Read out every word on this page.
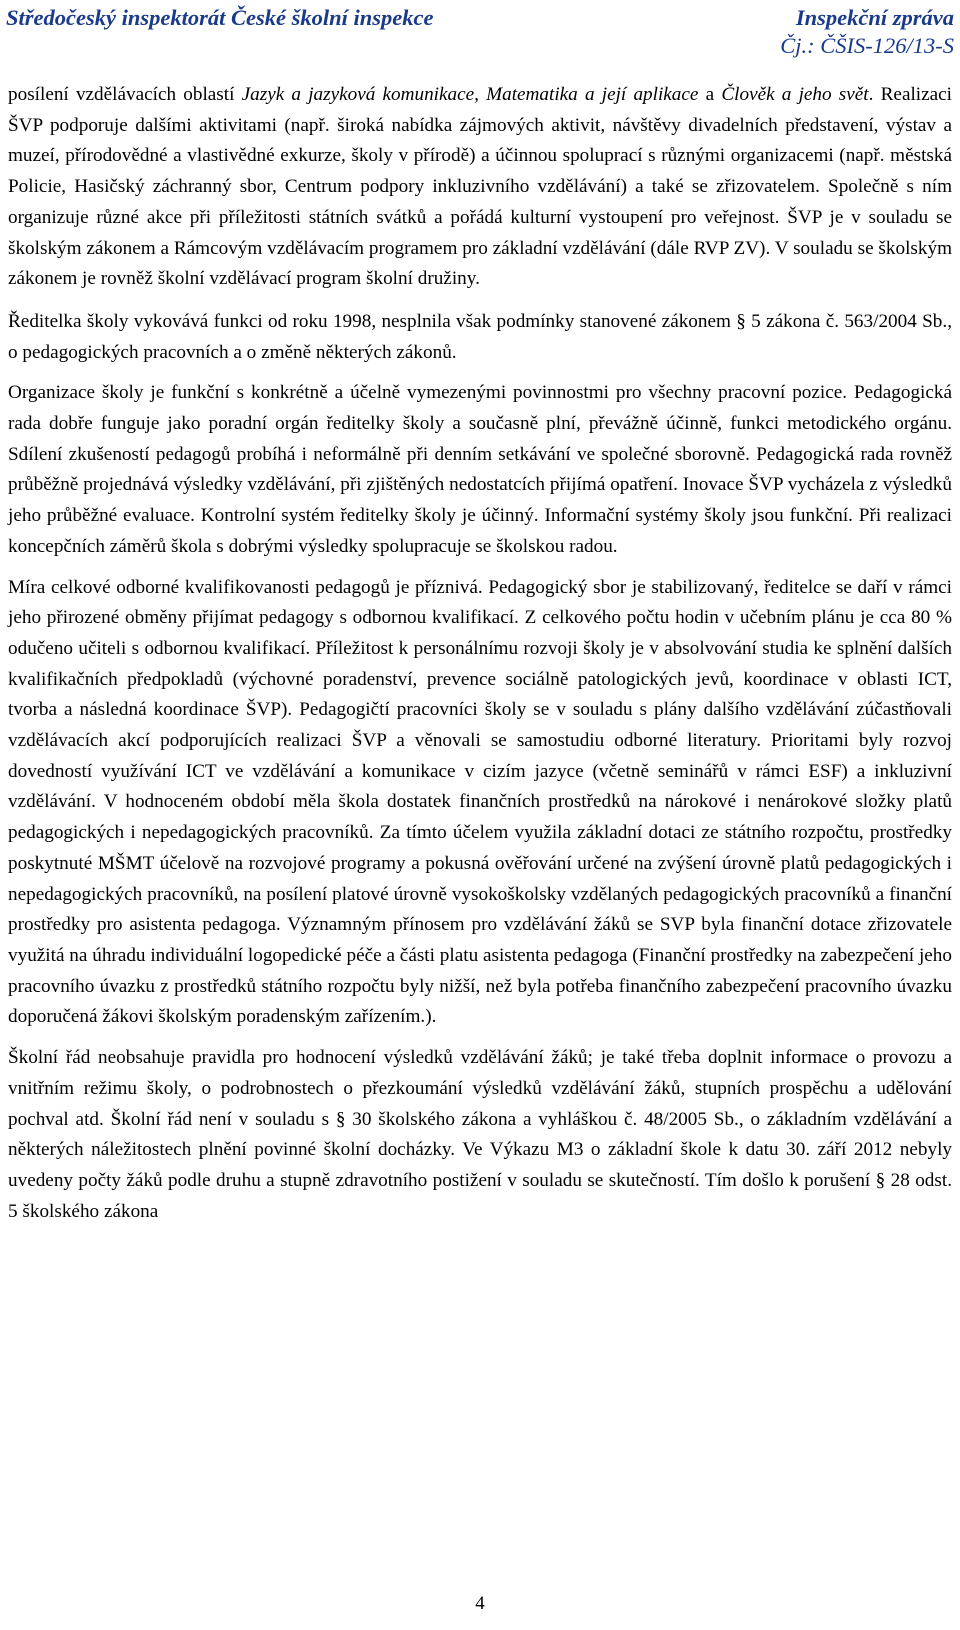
Středočeský inspektorát České školní inspekce	Inspekční zpráva
Čj.: ČŠIS-126/13-S

posílení vzdělávacích oblastí Jazyk a jazyková komunikace, Matematika a její aplikace a Člověk a jeho svět. Realizaci ŠVP podporuje dalšími aktivitami (např. široká nabídka zájmových aktivit, návštěvy divadelních představení, výstav a muzeí, přírodovědné a vlastivědné exkurze, školy v přírodě) a účinnou spoluprací s různými organizacemi (např. městská Policie, Hasičský záchranný sbor, Centrum podpory inkluzivního vzdělávání) a také se zřizovatelem. Společně s ním organizuje různé akce při příležitosti státních svátků a pořádá kulturní vystoupení pro veřejnost. ŠVP je v souladu se školským zákonem a Rámcovým vzdělávacím programem pro základní vzdělávání (dále RVP ZV). V souladu se školským zákonem je rovněž školní vzdělávací program školní družiny.

Ředitelka školy vykovává funkci od roku 1998, nesplnila však podmínky stanovené zákonem § 5 zákona č. 563/2004 Sb., o pedagogických pracovních a o změně některých zákonů.

Organizace školy je funkční s konkrétně a účelně vymezenými povinnostmi pro všechny pracovní pozice. Pedagogická rada dobře funguje jako poradní orgán ředitelky školy a současně plní, převážně účinně, funkci metodického orgánu. Sdílení zkušeností pedagogů probíhá i neformálně při denním setkávání ve společné sborovně. Pedagogická rada rovněž průběžně projednává výsledky vzdělávání, při zjištěných nedostatcích přijímá opatření. Inovace ŠVP vycházela z výsledků jeho průběžné evaluace. Kontrolní systém ředitelky školy je účinný. Informační systémy školy jsou funkční. Při realizaci koncepčních záměrů škola s dobrými výsledky spolupracuje se školskou radou.

Míra celkové odborné kvalifikovanosti pedagogů je příznivá. Pedagogický sbor je stabilizovaný, ředitelce se daří v rámci jeho přirozené obměny přijímat pedagogy s odbornou kvalifikací. Z celkového počtu hodin v učebním plánu je cca 80 % odučeno učiteli s odbornou kvalifikací. Příležitost k personálnímu rozvoji školy je v absolvování studia ke splnění dalších kvalifikačních předpokladů (výchovné poradenství, prevence sociálně patologických jevů, koordinace v oblasti ICT, tvorba a následná koordinace ŠVP). Pedagogičtí pracovníci školy se v souladu s plány dalšího vzdělávání zúčastňovali vzdělávacích akcí podporujících realizaci ŠVP a věnovali se samostudiu odborné literatury. Prioritami byly rozvoj dovedností využívání ICT ve vzdělávání a komunikace v cizím jazyce (včetně seminářů v rámci ESF) a inkluzivní vzdělávání. V hodnoceném období měla škola dostatek finančních prostředků na nárokové i nenárokové složky platů pedagogických i nepedagogických pracovníků. Za tímto účelem využila základní dotaci ze státního rozpočtu, prostředky poskytnuté MŠMT účelově na rozvojové programy a pokusná ověřování určené na zvýšení úrovně platů pedagogických i nepedagogických pracovníků, na posílení platové úrovně vysokoškolsky vzdělaných pedagogických pracovníků a finanční prostředky pro asistenta pedagoga. Významným přínosem pro vzdělávání žáků se SVP byla finanční dotace zřizovatele využitá na úhradu individuální logopedické péče a části platu asistenta pedagoga (Finanční prostředky na zabezpečení jeho pracovního úvazku z prostředků státního rozpočtu byly nižší, než byla potřeba finančního zabezpečení pracovního úvazku doporučená žákovi školským poradenským zařízením.).

Školní řád neobsahuje pravidla pro hodnocení výsledků vzdělávání žáků; je také třeba doplnit informace o provozu a vnitřním režimu školy, o podrobnostech o přezkoumání výsledků vzdělávání žáků, stupních prospěchu a udělování pochval atd. Školní řád není v souladu s § 30 školského zákona a vyhláškou č. 48/2005 Sb., o základním vzdělávání a některých náležitostech plnění povinné školní docházky. Ve Výkazu M3 o základní škole k datu 30. září 2012 nebyly uvedeny počty žáků podle druhu a stupně zdravotního postižení v souladu se skutečností. Tím došlo k porušení § 28 odst. 5 školského zákona

4
